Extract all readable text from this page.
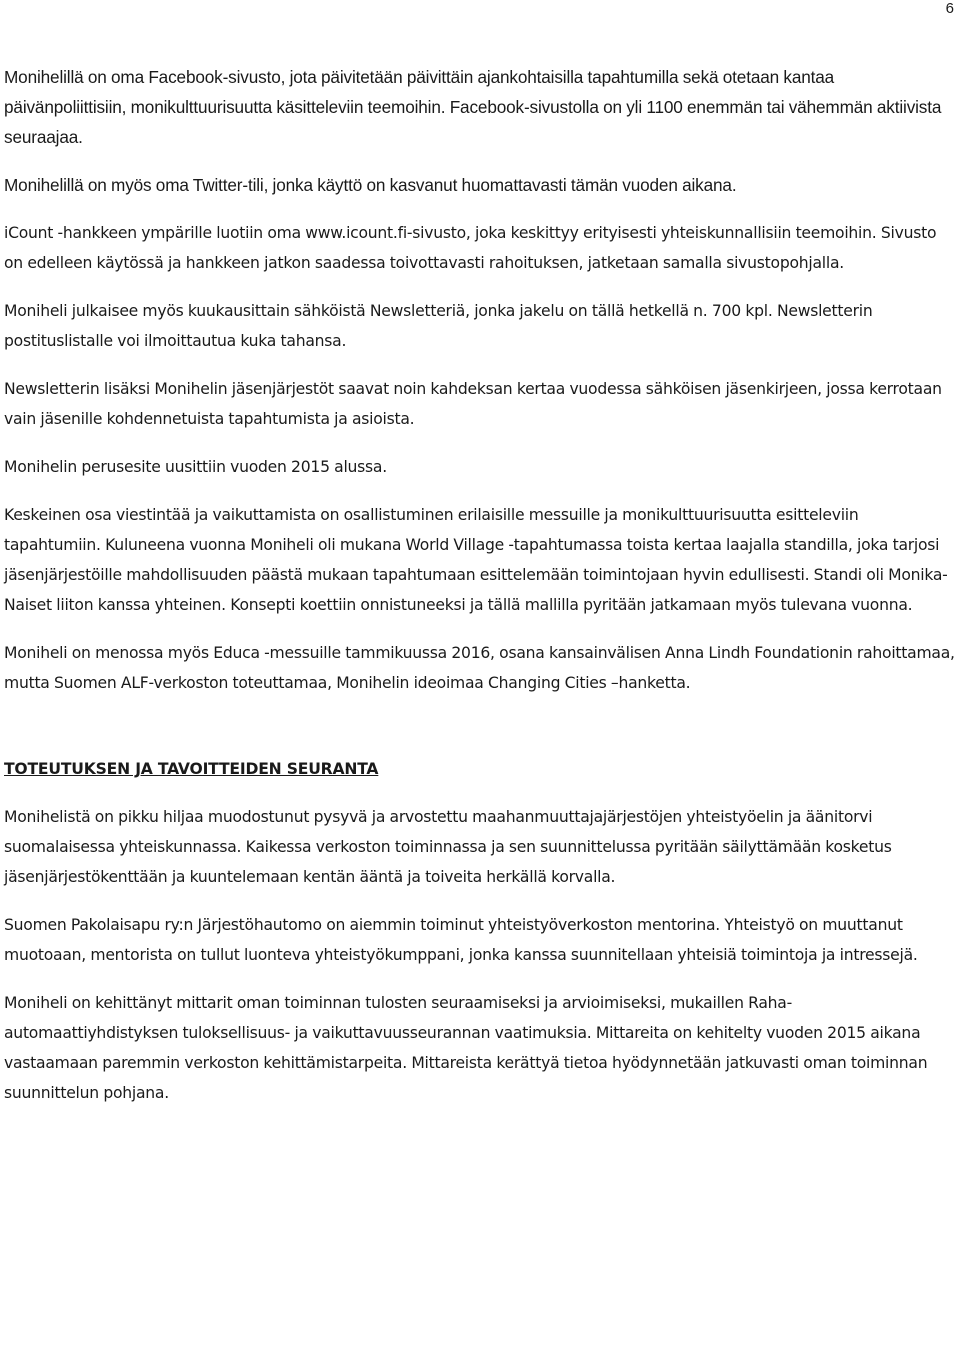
6

Monihelillä on oma Facebook-sivusto, jota päivitetään päivittäin ajankohtaisilla tapahtumilla sekä otetaan kantaa päivänpoliittisiin, monikulttuurisuutta käsitteleviin teemoihin. Facebook-sivustolla on yli 1100 enemmän tai vähemmän aktiivista seuraajaa.

Monihelillä on myös oma Twitter-tili, jonka käyttö on kasvanut huomattavasti tämän vuoden aikana.

iCount -hankkeen ympärille luotiin oma www.icount.fi-sivusto, joka keskittyy erityisesti yhteiskunnallisiin teemoihin. Sivusto on edelleen käytössä ja hankkeen jatkon saadessa toivottavasti rahoituksen, jatketaan samalla sivustopohjalla.

Moniheli julkaisee myös kuukausittain sähköistä Newsletteriä, jonka jakelu on tällä hetkellä n. 700 kpl. Newsletterin postituslistalle voi ilmoittautua kuka tahansa.

Newsletterin lisäksi Monihelin jäsenjärjestöt saavat noin kahdeksan kertaa vuodessa sähköisen jäsenkirjeen, jossa kerrotaan vain jäsenille kohdennetuista tapahtumista ja asioista.

Monihelin perusesite uusittiin vuoden 2015 alussa.

Keskeinen osa viestintää ja vaikuttamista on osallistuminen erilaisille messuille ja monikulttuurisuutta esitteleviin tapahtumiin. Kuluneena vuonna Moniheli oli mukana World Village -tapahtumassa toista kertaa laajalla standilla, joka tarjosi jäsenjärjestöille mahdollisuuden päästä mukaan tapahtumaan esittelemään toimintojaan hyvin edullisesti. Standi oli Monika-Naiset liiton kanssa yhteinen. Konsepti koettiin onnistuneeksi ja tällä mallilla pyritään jatkamaan myös tulevana vuonna.

Moniheli on menossa myös Educa -messuille tammikuussa 2016, osana kansainvälisen Anna Lindh Foundationin rahoittamaa, mutta Suomen ALF-verkoston toteuttamaa, Monihelin ideoimaa Changing Cities –hanketta.

TOTEUTUKSEN JA TAVOITTEIDEN SEURANTA

Monihelistä on pikku hiljaa muodostunut pysyvä ja arvostettu maahanmuuttajajärjestöjen yhteistyöelin ja äänitorvi suomalaisessa yhteiskunnassa. Kaikessa verkoston toiminnassa ja sen suunnittelussa pyritään säilyttämään kosketus jäsenjärjestökenttään ja kuuntelemaan kentän ääntä ja toiveita herkällä korvalla.

Suomen Pakolaisapu ry:n Järjestöhautomo on aiemmin toiminut yhteistyöverkoston mentorina. Yhteistyö on muuttanut muotoaan, mentorista on tullut luonteva yhteistyökumppani, jonka kanssa suunnitellaan yhteisiä toimintoja ja intressejä.

Moniheli on kehittänyt mittarit oman toiminnan tulosten seuraamiseksi ja arvioimiseksi, mukaillen Raha-automaattiyhdistyksen tuloksellisuus- ja vaikuttavuusseurannan vaatimuksia. Mittareita on kehitelty vuoden 2015 aikana vastaamaan paremmin verkoston kehittämistarpeita. Mittareista kerättyä tietoa hyödynnetään jatkuvasti oman toiminnan suunnittelun pohjana.
